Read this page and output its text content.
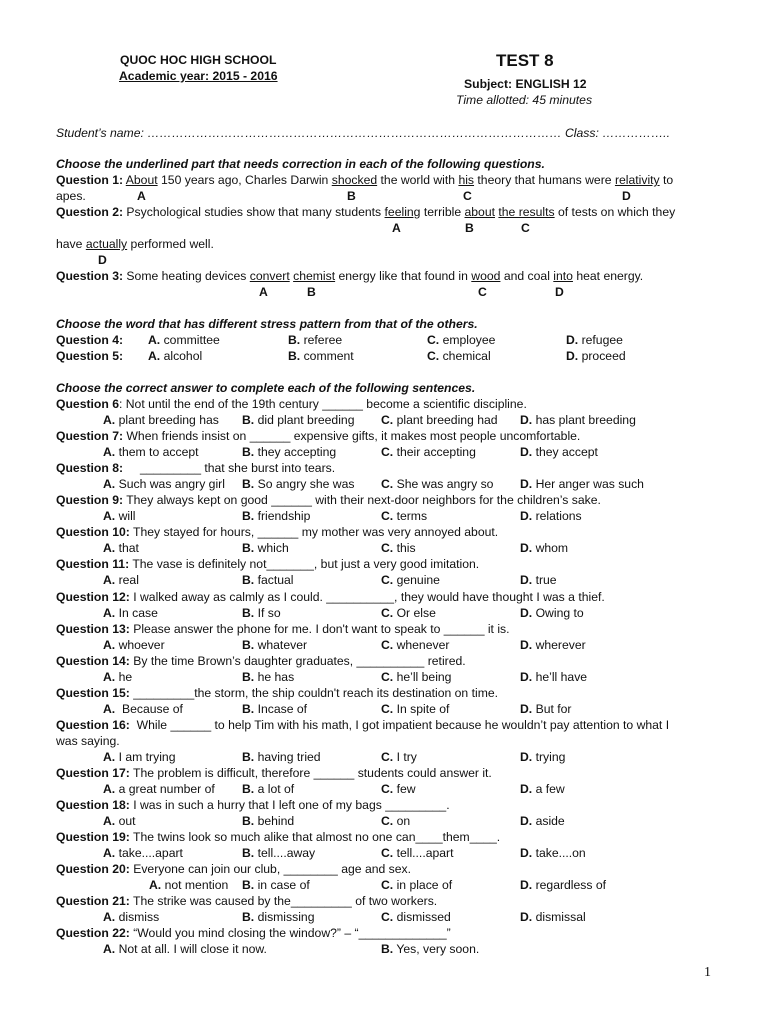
QUOC HOC HIGH SCHOOL
Academic year: 2015 - 2016
TEST 8
Subject: ENGLISH 12
Time allotted: 45 minutes
Student’s name: ………………………………………………………………………………………… Class: ……………..
Choose the underlined part that needs correction in each of the following questions.
Question 1: About 150 years ago, Charles Darwin shocked the world with his theory that humans were relativity to
apes.	A	B	C	D
Question 2: Psychological studies show that many students feeling terrible about the results of tests on which they
A	B	C
have actually performed well.
D
Question 3: Some heating devices convert chemist energy like that found in wood and coal into heat energy.
A	B	C	D
Choose the word that has different stress pattern from that of the others.
Question 4: A. committee	B. referee	C. employee	D. refugee
Question 5: A. alcohol	B. comment	C. chemical	D. proceed
Choose the correct answer to complete each of the following sentences.
Question 6: Not until the end of the 19th century ______ become a scientific discipline.
A. plant breeding has B. did plant breeding C. plant breeding had D. has plant breeding
Question 7: When friends insist on ______ expensive gifts, it makes most people uncomfortable.
A. them to accept	B. they accepting	C. their accepting	D. they accept
Question 8:     _________ that she burst into tears.
A. Such was angry girl B. So angry she was C. She was angry so D. Her anger was such
Question 9: They always kept on good ______ with their next-door neighbors for the children’s sake.
A. will	B. friendship	C. terms	D. relations
Question 10: They stayed for hours, ______ my mother was very annoyed about.
A. that	B. which	C. this	D. whom
Question 11: The vase is definitely not_______, but just a very good imitation.
A. real	B. factual	C. genuine	D. true
Question 12: I walked away as calmly as I could. __________, they would have thought I was a thief.
A. In case	B. If so	C. Or else	D. Owing to
Question 13: Please answer the phone for me. I don't want to speak to ______ it is.
A. whoever	B. whatever	C. whenever	D. wherever
Question 14: By the time Brown’s daughter graduates, __________ retired.
A. he	B. he has	C. he’ll being	D. he’ll have
Question 15: _________the storm, the ship couldn't reach its destination on time.
A.  Because of	B. Incase of	C. In spite of	D. But for
Question 16:  While ______ to help Tim with his math, I got impatient because he wouldn’t pay attention to what I
was saying.
A. I am trying	B. having tried	C. I try	D. trying
Question 17: The problem is difficult, therefore ______ students could answer it.
A. a great number of B. a lot of	C. few	D. a few
Question 18: I was in such a hurry that I left one of my bags _________.
A. out	B. behind	C. on	D. aside
Question 19: The twins look so much alike that almost no one can____them____.
A. take....apart	B. tell....away	C. tell....apart	D. take....on
Question 20: Everyone can join our club, ________ age and sex.
A. not mention B. in case of	C. in place of	D. regardless of
Question 21: The strike was caused by the_________ of two workers.
A. dismiss	B. dismissing	C. dismissed	D. dismissal
Question 22: “Would you mind closing the window?” – “_____________”
A. Not at all. I will close it now.	B. Yes, very soon.
1
